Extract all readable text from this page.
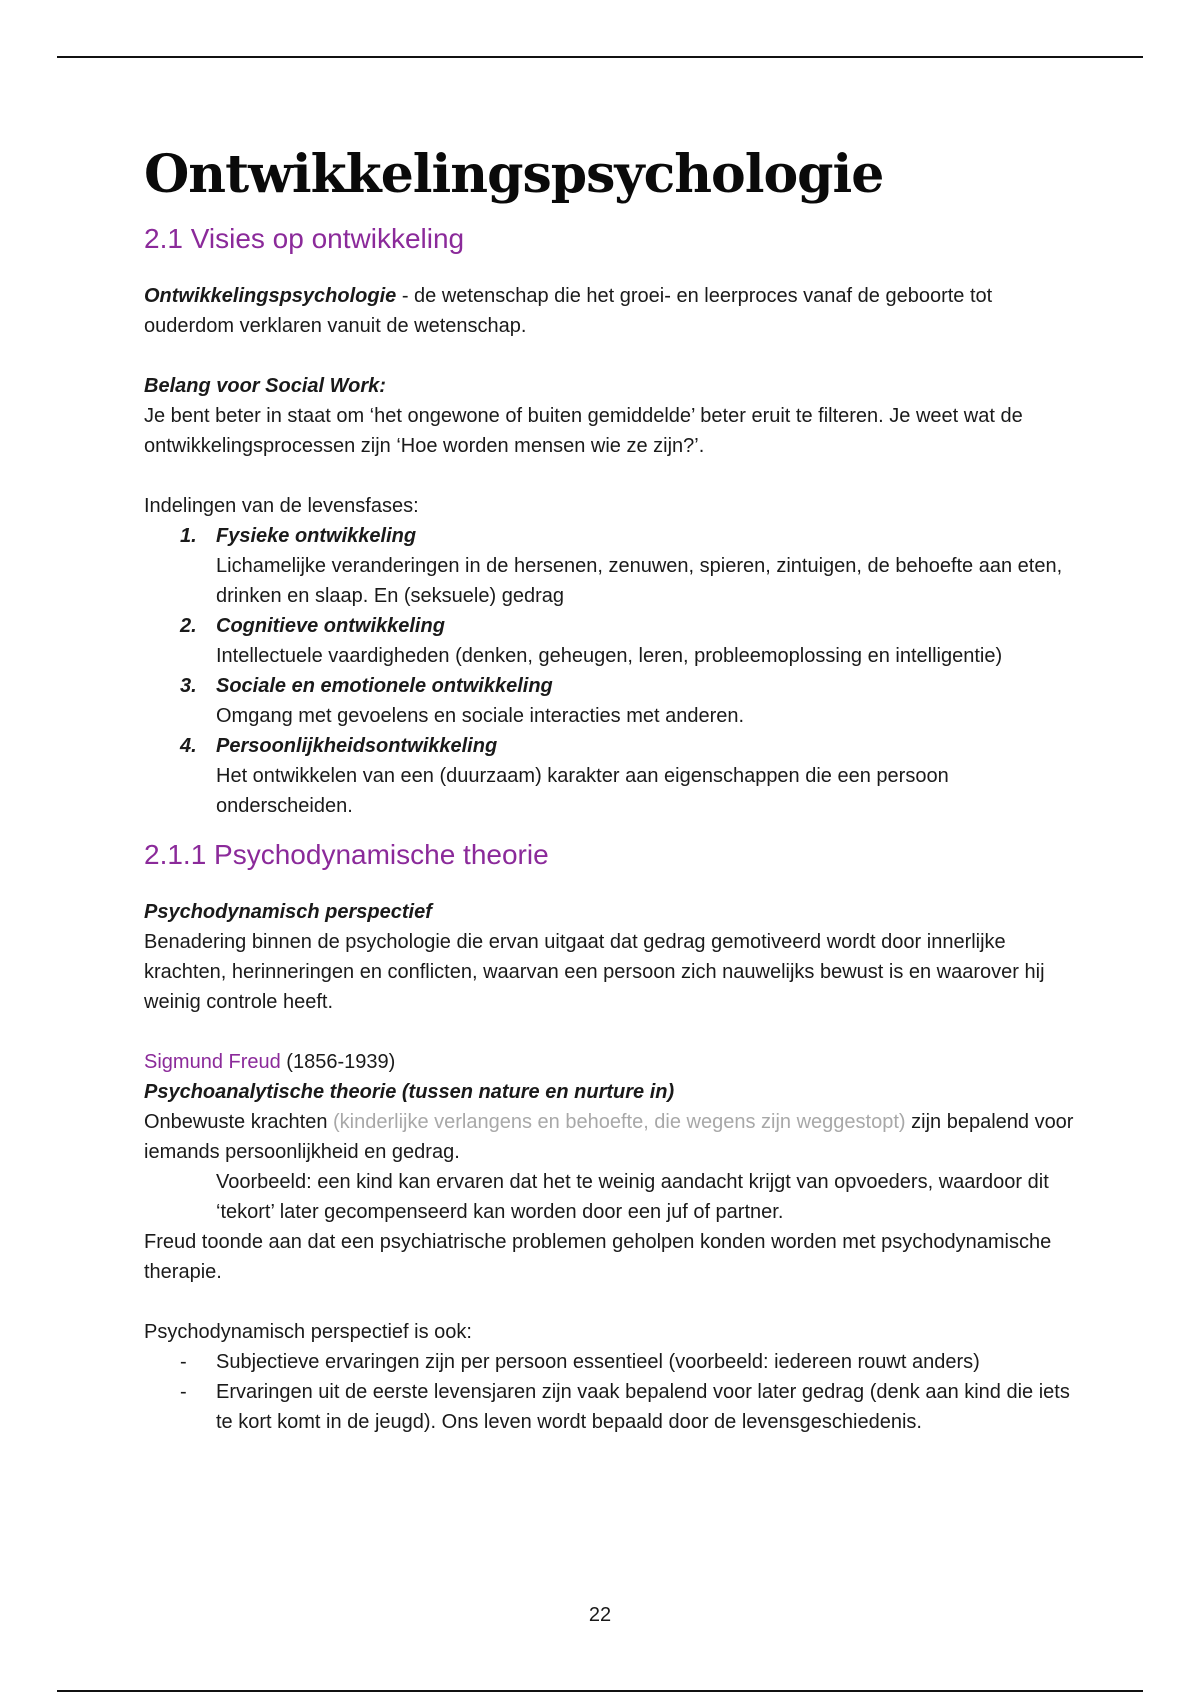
Ontwikkelingspsychologie
2.1 Visies op ontwikkeling

Ontwikkelingspsychologie - de wetenschap die het groei- en leerproces vanaf de geboorte tot ouderdom verklaren vanuit de wetenschap.

Belang voor Social Work:

Je bent beter in staat om ‘het ongewone of buiten gemiddelde’ beter eruit te filteren. Je weet wat de ontwikkelingsprocessen zijn ‘Hoe worden mensen wie ze zijn?’.

Indelingen van de levensfases:

1. Fysieke ontwikkeling
Lichamelijke veranderingen in de hersenen, zenuwen, spieren, zintuigen, de behoefte aan eten, drinken en slaap. En (seksuele) gedrag
2. Cognitieve ontwikkeling
Intellectuele vaardigheden (denken, geheugen, leren, probleemoplossing en intelligentie)
3. Sociale en emotionele ontwikkeling
Omgang met gevoelens en sociale interacties met anderen.
4. Persoonlijkheidsontwikkeling
Het ontwikkelen van een (duurzaam) karakter aan eigenschappen die een persoon onderscheiden.
2.1.1 Psychodynamische theorie

Psychodynamisch perspectief

Benadering binnen de psychologie die ervan uitgaat dat gedrag gemotiveerd wordt door innerlijke krachten, herinneringen en conflicten, waarvan een persoon zich nauwelijks bewust is en waarover hij weinig controle heeft.

Sigmund Freud (1856-1939)

Psychoanalytische theorie (tussen nature en nurture in)

Onbewuste krachten (kinderlijke verlangens en behoefte, die wegens zijn weggestopt) zijn bepalend voor iemands persoonlijkheid en gedrag.

Voorbeeld: een kind kan ervaren dat het te weinig aandacht krijgt van opvoeders, waardoor dit ‘tekort’ later gecompenseerd kan worden door een juf of partner.

Freud toonde aan dat een psychiatrische problemen geholpen konden worden met psychodynamische therapie.

Psychodynamisch perspectief is ook:

- Subjectieve ervaringen zijn per persoon essentieel (voorbeeld: iedereen rouwt anders)
- Ervaringen uit de eerste levensjaren zijn vaak bepalend voor later gedrag (denk aan kind die iets te kort komt in de jeugd). Ons leven wordt bepaald door de levensgeschiedenis.
22
